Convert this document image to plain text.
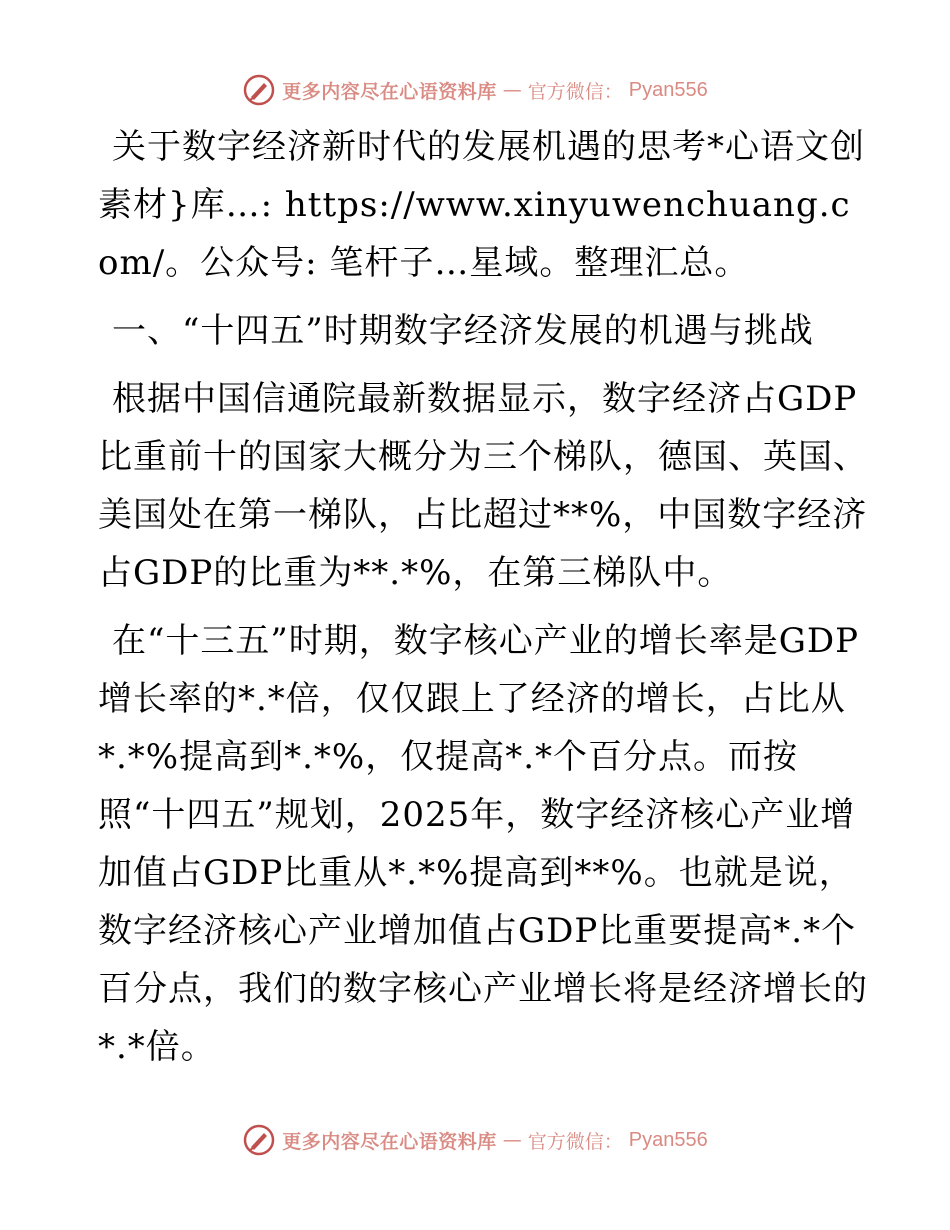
更多内容尽在心语资料库 — 官方微信： Pyan556

关于数字经济新时代的发展机遇的思考*心语文创素材}库…: https://www.xinyuwenchuang.com/。公众号: 笔杆子…星域。整理汇总。

一、“十四五”时期数字经济发展的机遇与挑战

根据中国信通院最新数据显示，数字经济占GDP比重前十的国家大概分为三个梯队，德国、英国、美国处在第一梯队，占比超过**%，中国数字经济占GDP的比重为**.*%，在第三梯队中。

在“十三五”时期，数字核心产业的增长率是GDP增长率的*.*倍，仅仅跟上了经济的增长，占比从*.*%提高到*.*%，仅提高*.*个百分点。而按照“十四五”规划，2025年，数字经济核心产业增加值占GDP比重从*.*%提高到**%。也就是说，数字经济核心产业增加值占GDP比重要提高*.*个百分点，我们的数字核心产业增长将是经济增长的*.*倍。

更多内容尽在心语资料库 — 官方微信： Pyan556
